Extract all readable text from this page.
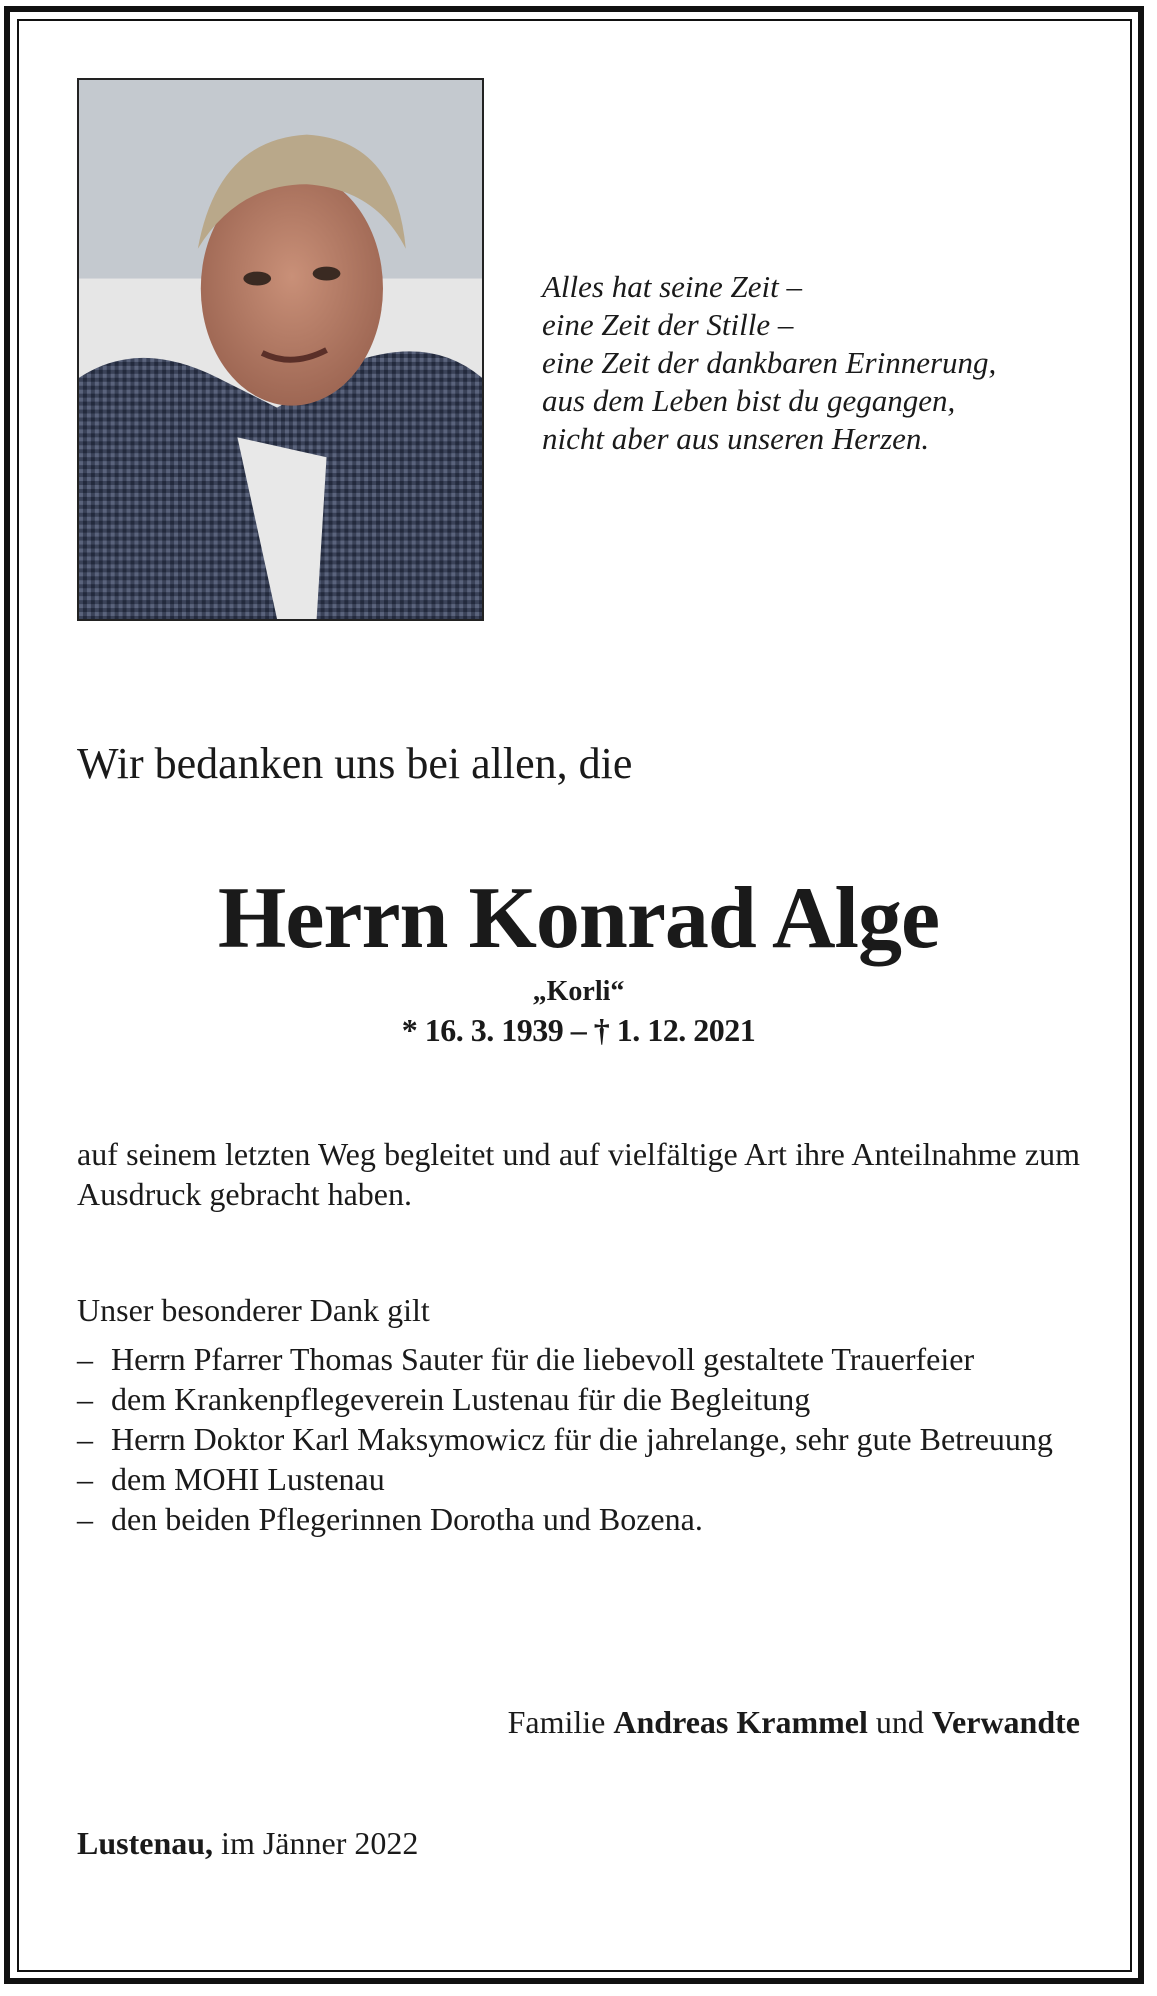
Alles hat seine Zeit –
eine Zeit der Stille –
eine Zeit der dankbaren Erinnerung,
aus dem Leben bist du gegangen,
nicht aber aus unseren Herzen.
Wir bedanken uns bei allen, die
Herrn Konrad Alge
„Korli“
* 16. 3. 1939 – † 1. 12. 2021
auf seinem letzten Weg begleitet und auf vielfältige Art ihre Anteilnahme zum Ausdruck gebracht haben.
Unser besonderer Dank gilt
– Herrn Pfarrer Thomas Sauter für die liebevoll gestaltete Trauerfeier
– dem Krankenpflegeverein Lustenau für die Begleitung
– Herrn Doktor Karl Maksymowicz für die jahrelange, sehr gute Betreuung
– dem MOHI Lustenau
– den beiden Pflegerinnen Dorotha und Bozena.
Familie Andreas Krammel und Verwandte
Lustenau, im Jänner 2022
